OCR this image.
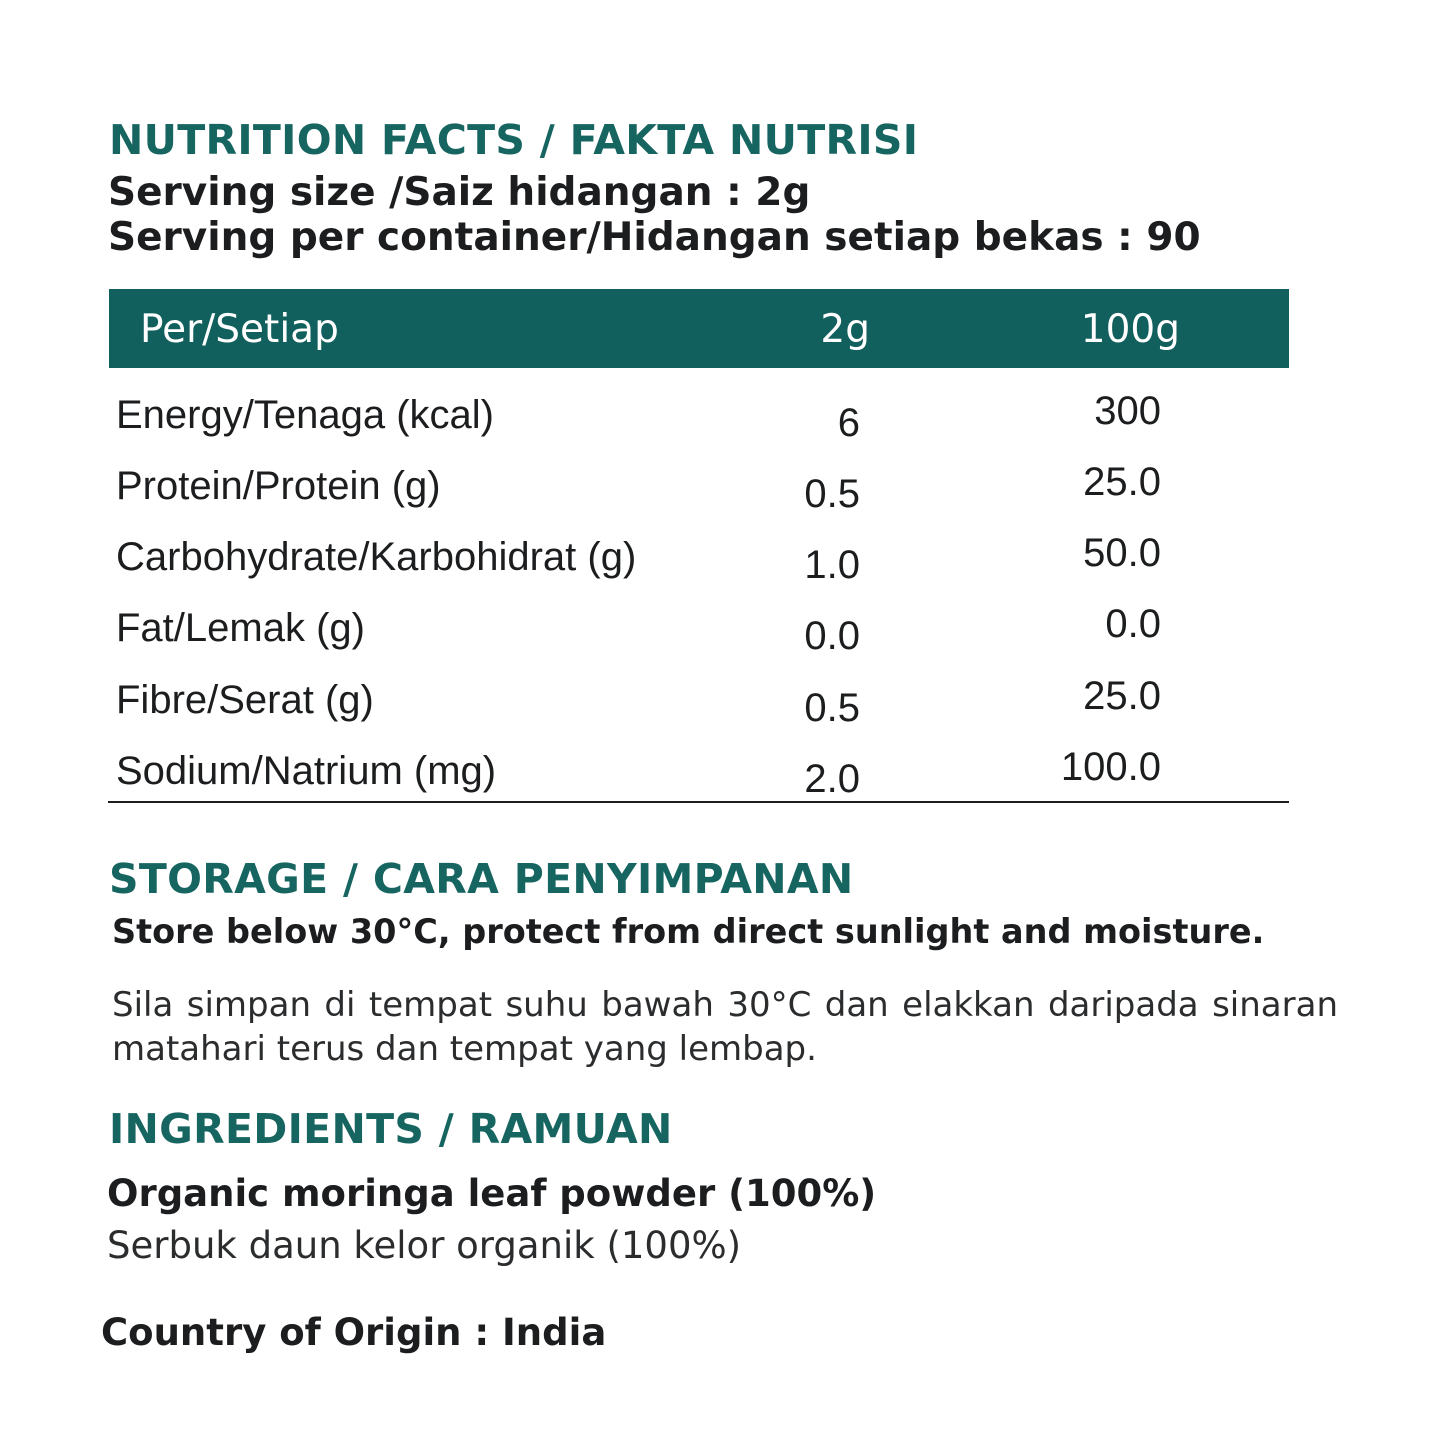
NUTRITION FACTS / FAKTA NUTRISI

Serving size /Saiz hidangan : 2g

Serving per container/Hidangan setiap bekas : 90

Per/Setiap	2g	100g
Energy/Tenaga (kcal)	6	300
Protein/Protein (g)	0.5	25.0
Carbohydrate/Karbohidrat (g)	1.0	50.0
Fat/Lemak (g)	0.0	0.0
Fibre/Serat (g)	0.5	25.0
Sodium/Natrium (mg)	2.0	100.0
STORAGE / CARA PENYIMPANAN

Store below 30°C, protect from direct sunlight and moisture.

Sila simpan di tempat suhu bawah 30°C dan elakkan daripada sinaran matahari terus dan tempat yang lembap.

INGREDIENTS / RAMUAN

Organic moringa leaf powder (100%)

Serbuk daun kelor organik (100%)

Country of Origin : India
